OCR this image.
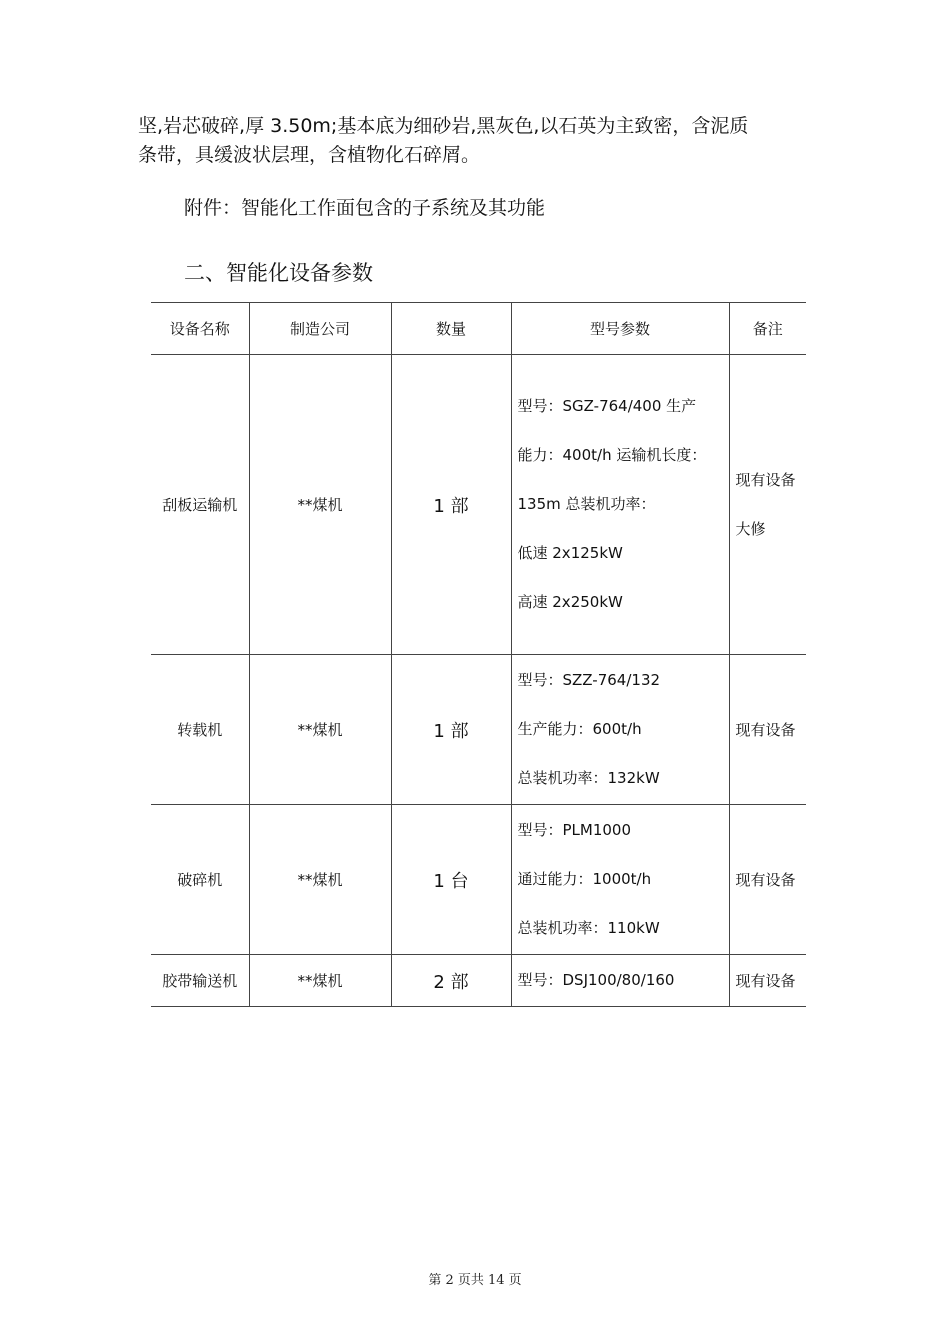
坚,岩芯破碎,厚 3.50m;基本底为细砂岩,黑灰色,以石英为主致密，含泥质

条带，具缓波状层理，含植物化石碎屑。

附件：智能化工作面包含的子系统及其功能
二、智能化设备参数
设备名称	制造公司	数量	型号参数	备注
刮板运输机	**煤机	1 部	型号：SGZ-764/400 生产
能力：400t/h 运输机长度：
135m 总装机功率：
低速 2x125kW
高速 2x250kW	现有设备
大修

转载机	**煤机	1 部	型号：SZZ-764/132
生产能力：600t/h
总装机功率：132kW	现有设备
破碎机	**煤机	1 台	型号：PLM1000
通过能力：1000t/h
总装机功率：110kW	现有设备
胶带输送机	**煤机	2 部	型号：DSJ100/80/160	现有设备
第 2 页共 14 页
